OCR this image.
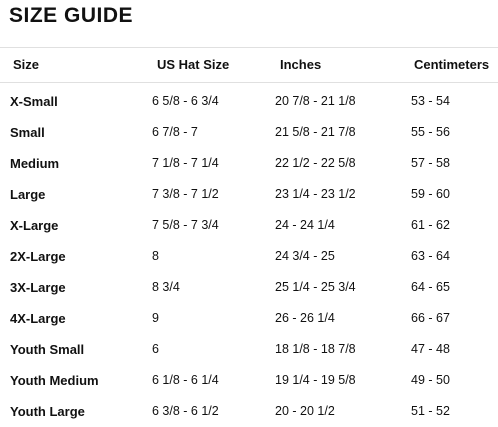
SIZE GUIDE
Size	US Hat Size	Inches	Centimeters
X-Small	6 5/8 - 6 3/4	20 7/8 - 21 1/8	53 - 54
Small	6 7/8 - 7	21 5/8 - 21 7/8	55 - 56
Medium	7 1/8 - 7 1/4	22 1/2 - 22 5/8	57 - 58
Large	7 3/8 - 7 1/2	23 1/4 - 23 1/2	59 - 60
X-Large	7 5/8 - 7 3/4	24 - 24 1/4	61 - 62
2X-Large	8	24 3/4 - 25	63 - 64
3X-Large	8 3/4	25 1/4 - 25 3/4	64 - 65
4X-Large	9	26 - 26 1/4	66 - 67
Youth Small	6	18 1/8 - 18 7/8	47 - 48
Youth Medium	6 1/8 - 6 1/4	19 1/4 - 19 5/8	49 - 50
Youth Large	6 3/8 - 6 1/2	20 - 20 1/2	51 - 52
